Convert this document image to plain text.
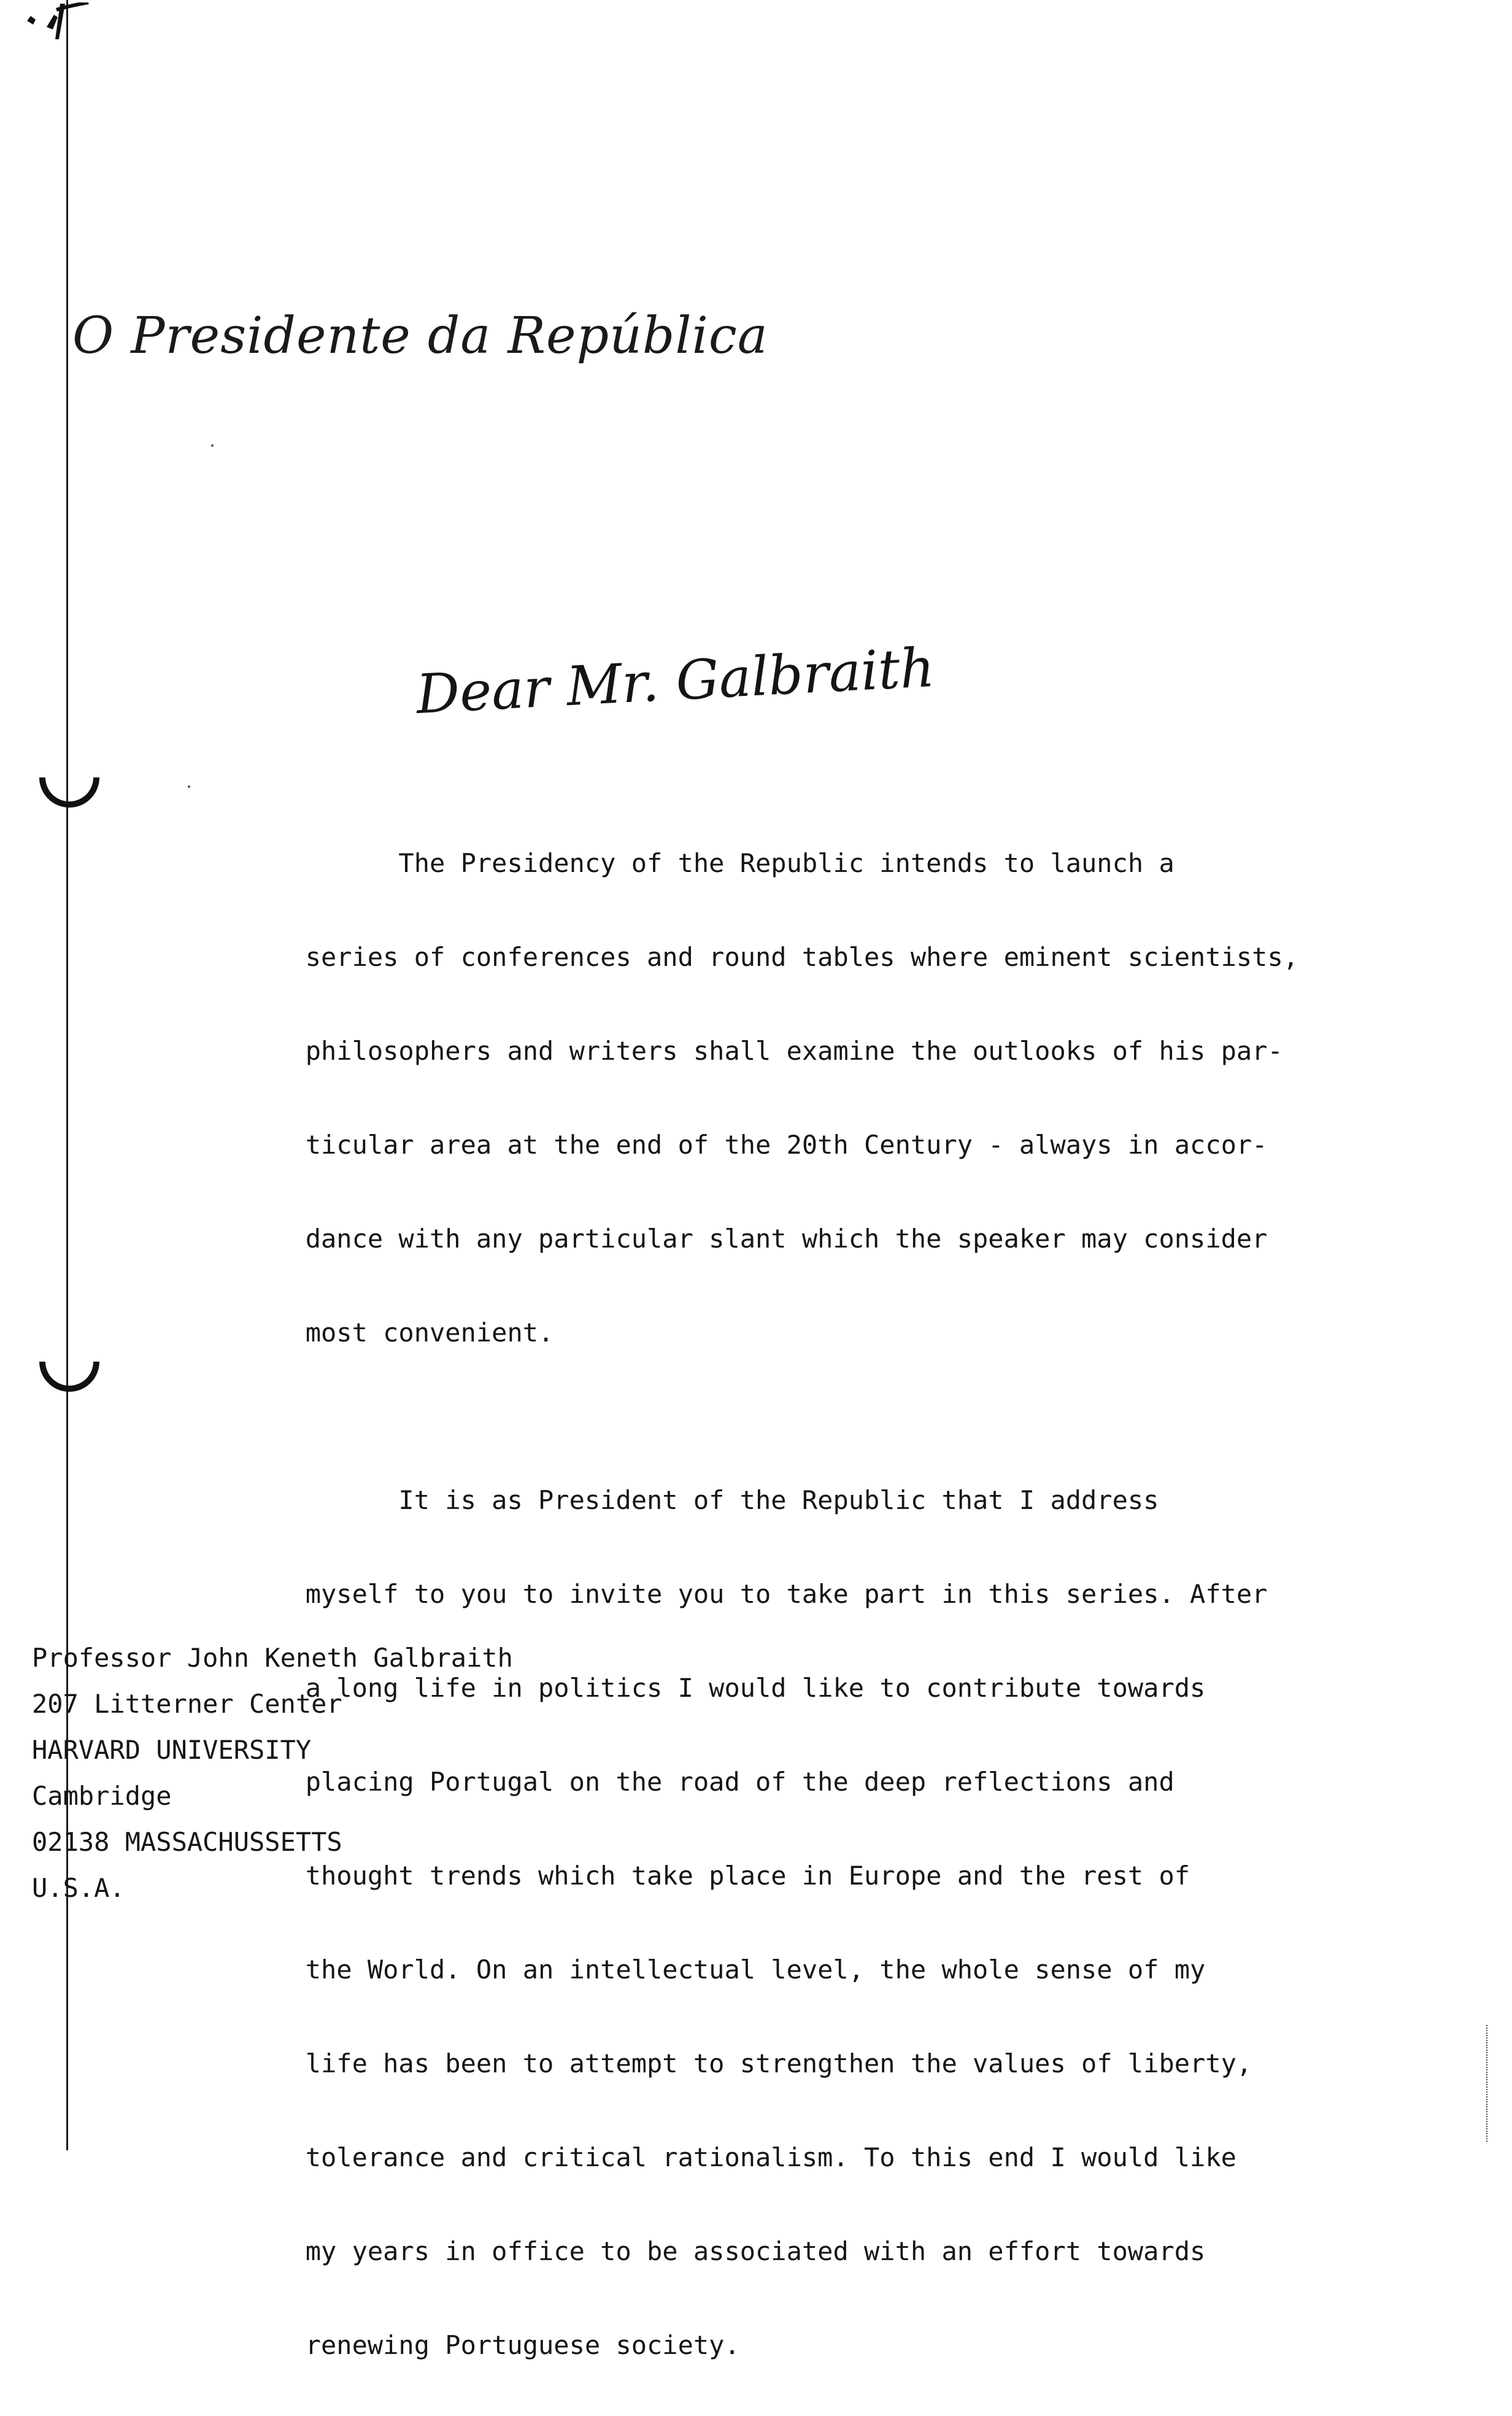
O Presidente da República
Dear Mr. Galbraith

The Presidency of the Republic intends to launch a

series of conferences and round tables where eminent scientists,

philosophers and writers shall examine the outlooks of his par-

ticular area at the end of the 20th Century - always in accor-

dance with any particular slant which the speaker may consider

most convenient.

It is as President of the Republic that I address

myself to you to invite you to take part in this series. After

a long life in politics I would like to contribute towards

placing Portugal on the road of the deep reflections and

thought trends which take place in Europe and the rest of

the World. On an intellectual level, the whole sense of my

life has been to attempt to strengthen the values of liberty,

tolerance and critical rationalism. To this end I would like

my years in office to be associated with an effort towards

renewing Portuguese society.

Professor John Keneth Galbraith
207 Litterner Center
HARVARD UNIVERSITY
Cambridge
02138 MASSACHUSSETTS
U.S.A.
